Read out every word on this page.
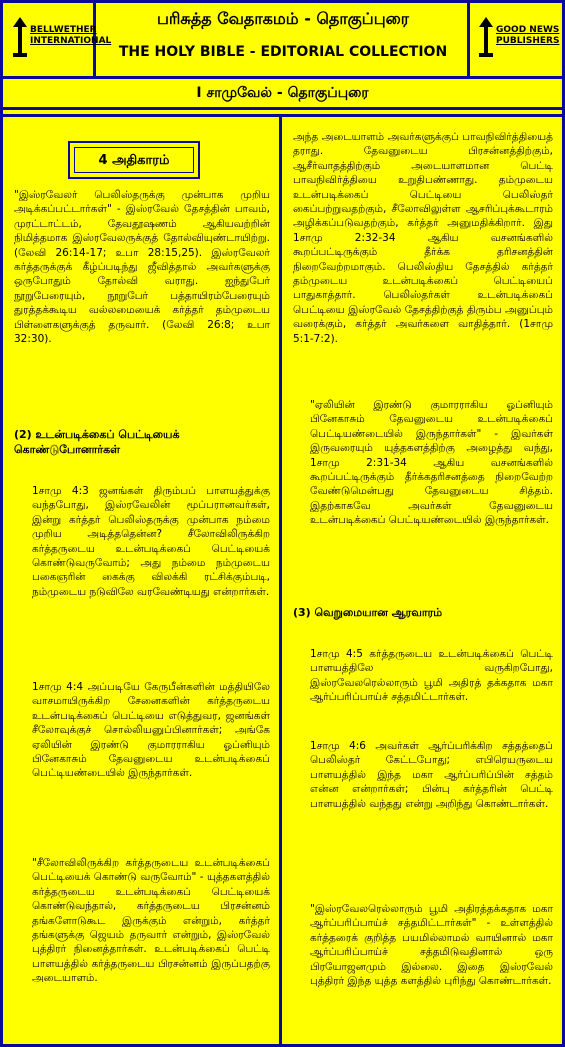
BELLWETHER INTERNATIONAL
பரிசுத்த வேதாகமம் - தொகுப்புரை
THE HOLY BIBLE - EDITORIAL COLLECTION
GOOD NEWS PUBLISHERS
I சாமுவேல் - தொகுப்புரை
4 அதிகாரம்
"இஸ்ரவேலர் பெலிஸ்தருக்கு முன்பாக முறிய அடிக்கப்பட்டார்கள்" - இஸ்ரவேல் தேசத்தின் பாவம், முரட்டாட்டம், தேவதூஷணம் ஆகியவற்றின் நிமித்தமாக இஸ்ரவேலருக்குத் தோல்வியுண்டாயிற்று. (லேவி 26:14-17; உபா 28:15,25). இஸ்ரவேலர் கர்த்தருக்குக் கீழ்ப்படிந்து ஜீவித்தால் அவர்களுக்கு ஒருபோதும் தோல்வி வராது. ஐந்துபேர் நூறுபேரையும், நூறுபேர் பத்தாயிரம்பேரையும் துரத்தக்கூடிய வல்லமையைக் கர்த்தர் தம்முடைய பிள்ளைகளுக்குத் தருவார். (லேவி 26:8; உபா 32:30).
(2) உடன்படிக்கைப் பெட்டியைக் கொண்டுபோனார்கள்
1சாமு 4:3 ஜனங்கள் திரும்பப் பாளயத்துக்கு வந்தபோது, இஸ்ரவேலின் மூப்பரானவர்கள், இன்று கர்த்தர் பெலிஸ்தருக்கு முன்பாக நம்மை முறிய அடித்ததென்ன? சீலோவிலிருக்கிற கர்த்தருடைய உடன்படிக்கைப் பெட்டியைக் கொண்டுவருவோம்; அது நம்மை நம்முடைய பகைஞரின் கைக்கு விலக்கி ரட்சிக்கும்படி, நம்முடைய நடுவிலே வரவேண்டியது என்றார்கள்.
1சாமு 4:4 அப்படியே கேருபீன்களின் மத்தியிலே வாசமாயிருக்கிற சேனைகளின் கர்த்தருடைய உடன்படிக்கைப் பெட்டியை எடுத்துவர, ஜனங்கள் சீலோவுக்குச் சொல்லியனுப்பினார்கள்; அங்கே ஏலியின் இரண்டு குமாரராகிய ஓப்னியும் பினேகாசும் தேவனுடைய உடன்படிக்கைப் பெட்டியண்டையில் இருந்தார்கள்.
"சீலோவிலிருக்கிற கர்த்தருடைய உடன்படிக்கைப் பெட்டியைக் கொண்டு வருவோம்" - யுத்தகளத்தில் கர்த்தருடைய உடன்படிக்கைப் பெட்டியைக் கொண்டுவந்தால், கர்த்தருடைய பிரசன்னம் தங்களோடுகூட இருக்கும் என்றும், கர்த்தர் தங்களுக்கு ஜெயம் தருவார் என்றும், இஸ்ரவேல் புத்திரர் நினைத்தார்கள். உடன்படிக்கைப் பெட்டி பாளயத்தில் கர்த்தருடைய பிரசன்னம் இருப்பதற்கு அடையாளம்.
அந்த அடையாளம் அவர்களுக்குப் பாவநிவிர்த்தியைத் தராது. தேவனுடைய பிரசன்னத்திற்கும், ஆசீர்வாதத்திற்கும் அடையாளமான பெட்டி பாவநிவிர்த்தியை உறுதிபண்ணாது. தம்முடைய உடன்படிக்கைப் பெட்டியை பெலிஸ்தர் கைப்பற்றுவதற்கும், சீலோவிலுள்ள ஆசரிப்புக்கூடாரம் அழிக்கப்படுவதற்கும், கர்த்தர் அனுமதிக்கிறார். இது 1சாமு 2:32-34 ஆகிய வசனங்களில் கூறப்பட்டிருக்கும் தீர்க்க தரிசனத்தின் நிறைவேற்றமாகும். பெலிஸ்திய தேசத்தில் கர்த்தர் தம்முடைய உடன்படிக்கைப் பெட்டியைப் பாதுகாத்தார். பெலிஸ்தர்கள் உடன்படிக்கைப் பெட்டியை இஸ்ரவேல் தேசத்திற்குத் திரும்ப அனுப்பும் வரைக்கும், கர்த்தர் அவர்களை வாதித்தார். (1சாமு 5:1-7:2).
"ஏலியின் இரண்டு குமாரராகிய ஓப்னியும் பினேகாசும் தேவனுடைய உடன்படிக்கைப் பெட்டியண்டையில் இருந்தார்கள்" - இவர்கள் இருவரையும் யுத்தகளத்திற்கு அழைத்து வந்து, 1சாமு 2:31-34 ஆகிய வசனங்களில் கூறப்பட்டிருக்கும் தீர்க்கதரிசனத்தை நிறைவேற்ற வேண்டுமென்பது தேவனுடைய சித்தம். இதற்காகவே அவர்கள் தேவனுடைய உடன்படிக்கைப் பெட்டியண்டையில் இருந்தார்கள்.
(3) வெறுமையான ஆரவாரம்
1சாமு 4:5 கர்த்தருடைய உடன்படிக்கைப் பெட்டி பாளயத்திலே வருகிறபோது, இஸ்ரவேலரெல்லாரும் பூமி அதிரத் தக்கதாக மகா ஆர்ப்பரிப்பாய்ச் சத்தமிட்டார்கள்.
1சாமு 4:6 அவர்கள் ஆர்ப்பரிக்கிற சத்தத்தைப் பெலிஸ்தர் கேட்டபோது; எபிரெயருடைய பாளயத்தில் இந்த மகா ஆர்ப்பரிப்பின் சத்தம் என்ன என்றார்கள்; பின்பு கர்த்தரின் பெட்டி பாளயத்தில் வந்தது என்று அறிந்து கொண்டார்கள்.
"இஸ்ரவேலரெல்லாரும் பூமி அதிரத்தக்கதாக மகா ஆர்ப்பரிப்பாய்ச் சத்தமிட்டார்கள்" - உள்ளத்தில் கர்த்தரைக் குறித்த பயமில்லாமல் வாயினால் மகா ஆர்ப்பரிப்பாய்ச் சத்தமிடுவதினால் ஒரு பிரயோஜனமும் இல்லை. இதை இஸ்ரவேல் புத்திரர் இந்த யுத்த களத்தில் புரிந்து கொண்டார்கள்.
